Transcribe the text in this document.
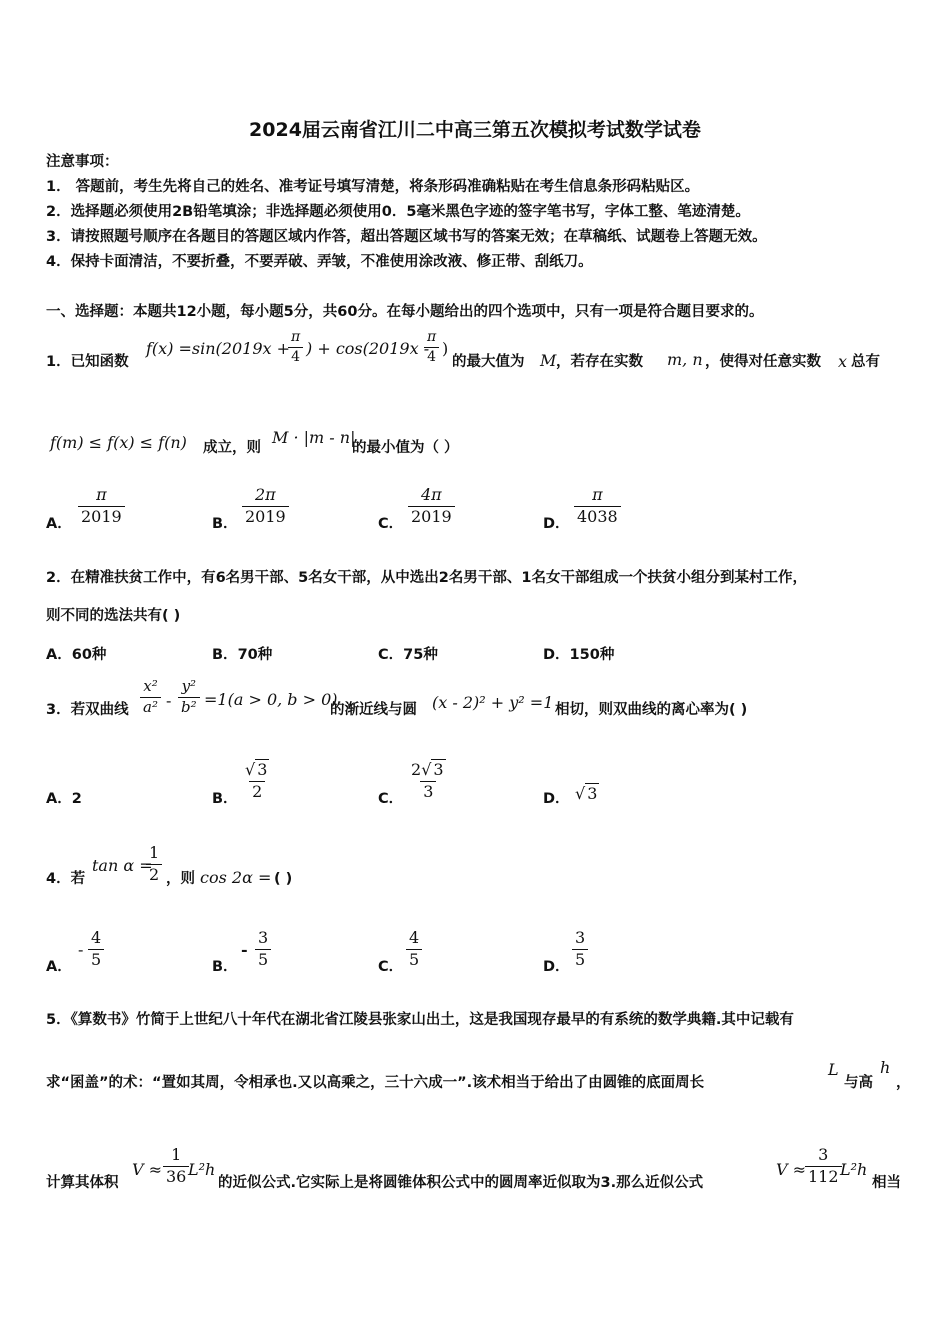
2024届云南省江川二中高三第五次模拟考试数学试卷
注意事项：
1． 答题前，考生先将自己的姓名、准考证号填写清楚，将条形码准确粘贴在考生信息条形码粘贴区。
2．选择题必须使用2B铅笔填涂；非选择题必须使用0．5毫米黑色字迹的签字笔书写，字体工整、笔迹清楚。
3．请按照题号顺序在各题目的答题区域内作答，超出答题区域书写的答案无效；在草稿纸、试题卷上答题无效。
4．保持卡面清洁，不要折叠，不要弄破、弄皱，不准使用涂改液、修正带、刮纸刀。
一、选择题：本题共12小题，每小题5分，共60分。在每小题给出的四个选项中，只有一项是符合题目要求的。
1．已知函数
f(x) =sin(2019x +
$\frac{\pi}{4}$ ) + cos(2019x -
$\frac{\pi}{4}$ )
的最大值为 M ，若存在实数 m, n ，使得对任意实数 x 总有
f(m) ≤ f(x) ≤ f(n) 成立，则
M · |m - n|
的最小值为（ ）
A． $\frac{\pi}{2019}$	B． $\frac{2\pi}{2019}$	C． $\frac{4\pi}{2019}$	D． $\frac{\pi}{4038}$
2．在精准扶贫工作中，有6名男干部、5名女干部，从中选出2名男干部、1名女干部组成一个扶贫小组分到某村工作，
则不同的选法共有( )
A．60种	B．70种	C．75种	D．150种
3．若双曲线 $\frac{\text{x²}}{\text{a²}} - \frac{\text{y²}}{\text{b²}} =1(a > 0$, b > 0)
的渐近线与圆 (x - 2)² + y² =1 相切，则双曲线的离心率为( )
A．2	B． $\frac{√ 3}{2}$	C． $\frac{2√ 3}{3}$	D． √ 3
4．若
tan α =
$\frac{1}{2}$ ，则 cos 2α = ( )
A．
- $\frac{4}{5}$	B．
- $\frac{3}{5}$	C． $\frac{4}{5}$	D． $\frac{3}{5}$
5．《算数书》竹简于上世纪八十年代在湖北省江陵县张家山出土，这是我国现存最早的有系统的数学典籍.其中记载有
求“囷盖”的术：“置如其周，令相承也.又以高乘之，三十六成一”.该术相当于给出了由圆锥的底面周长
L
与高
h
，
计算其体积
$V \approx \frac{1}{36}$
L²h
的近似公式.它实际上是将圆锥体积公式中的圆周率近似取为3.那么近似公式
V ≈
$\frac{3}{112}$
L²h
相当
